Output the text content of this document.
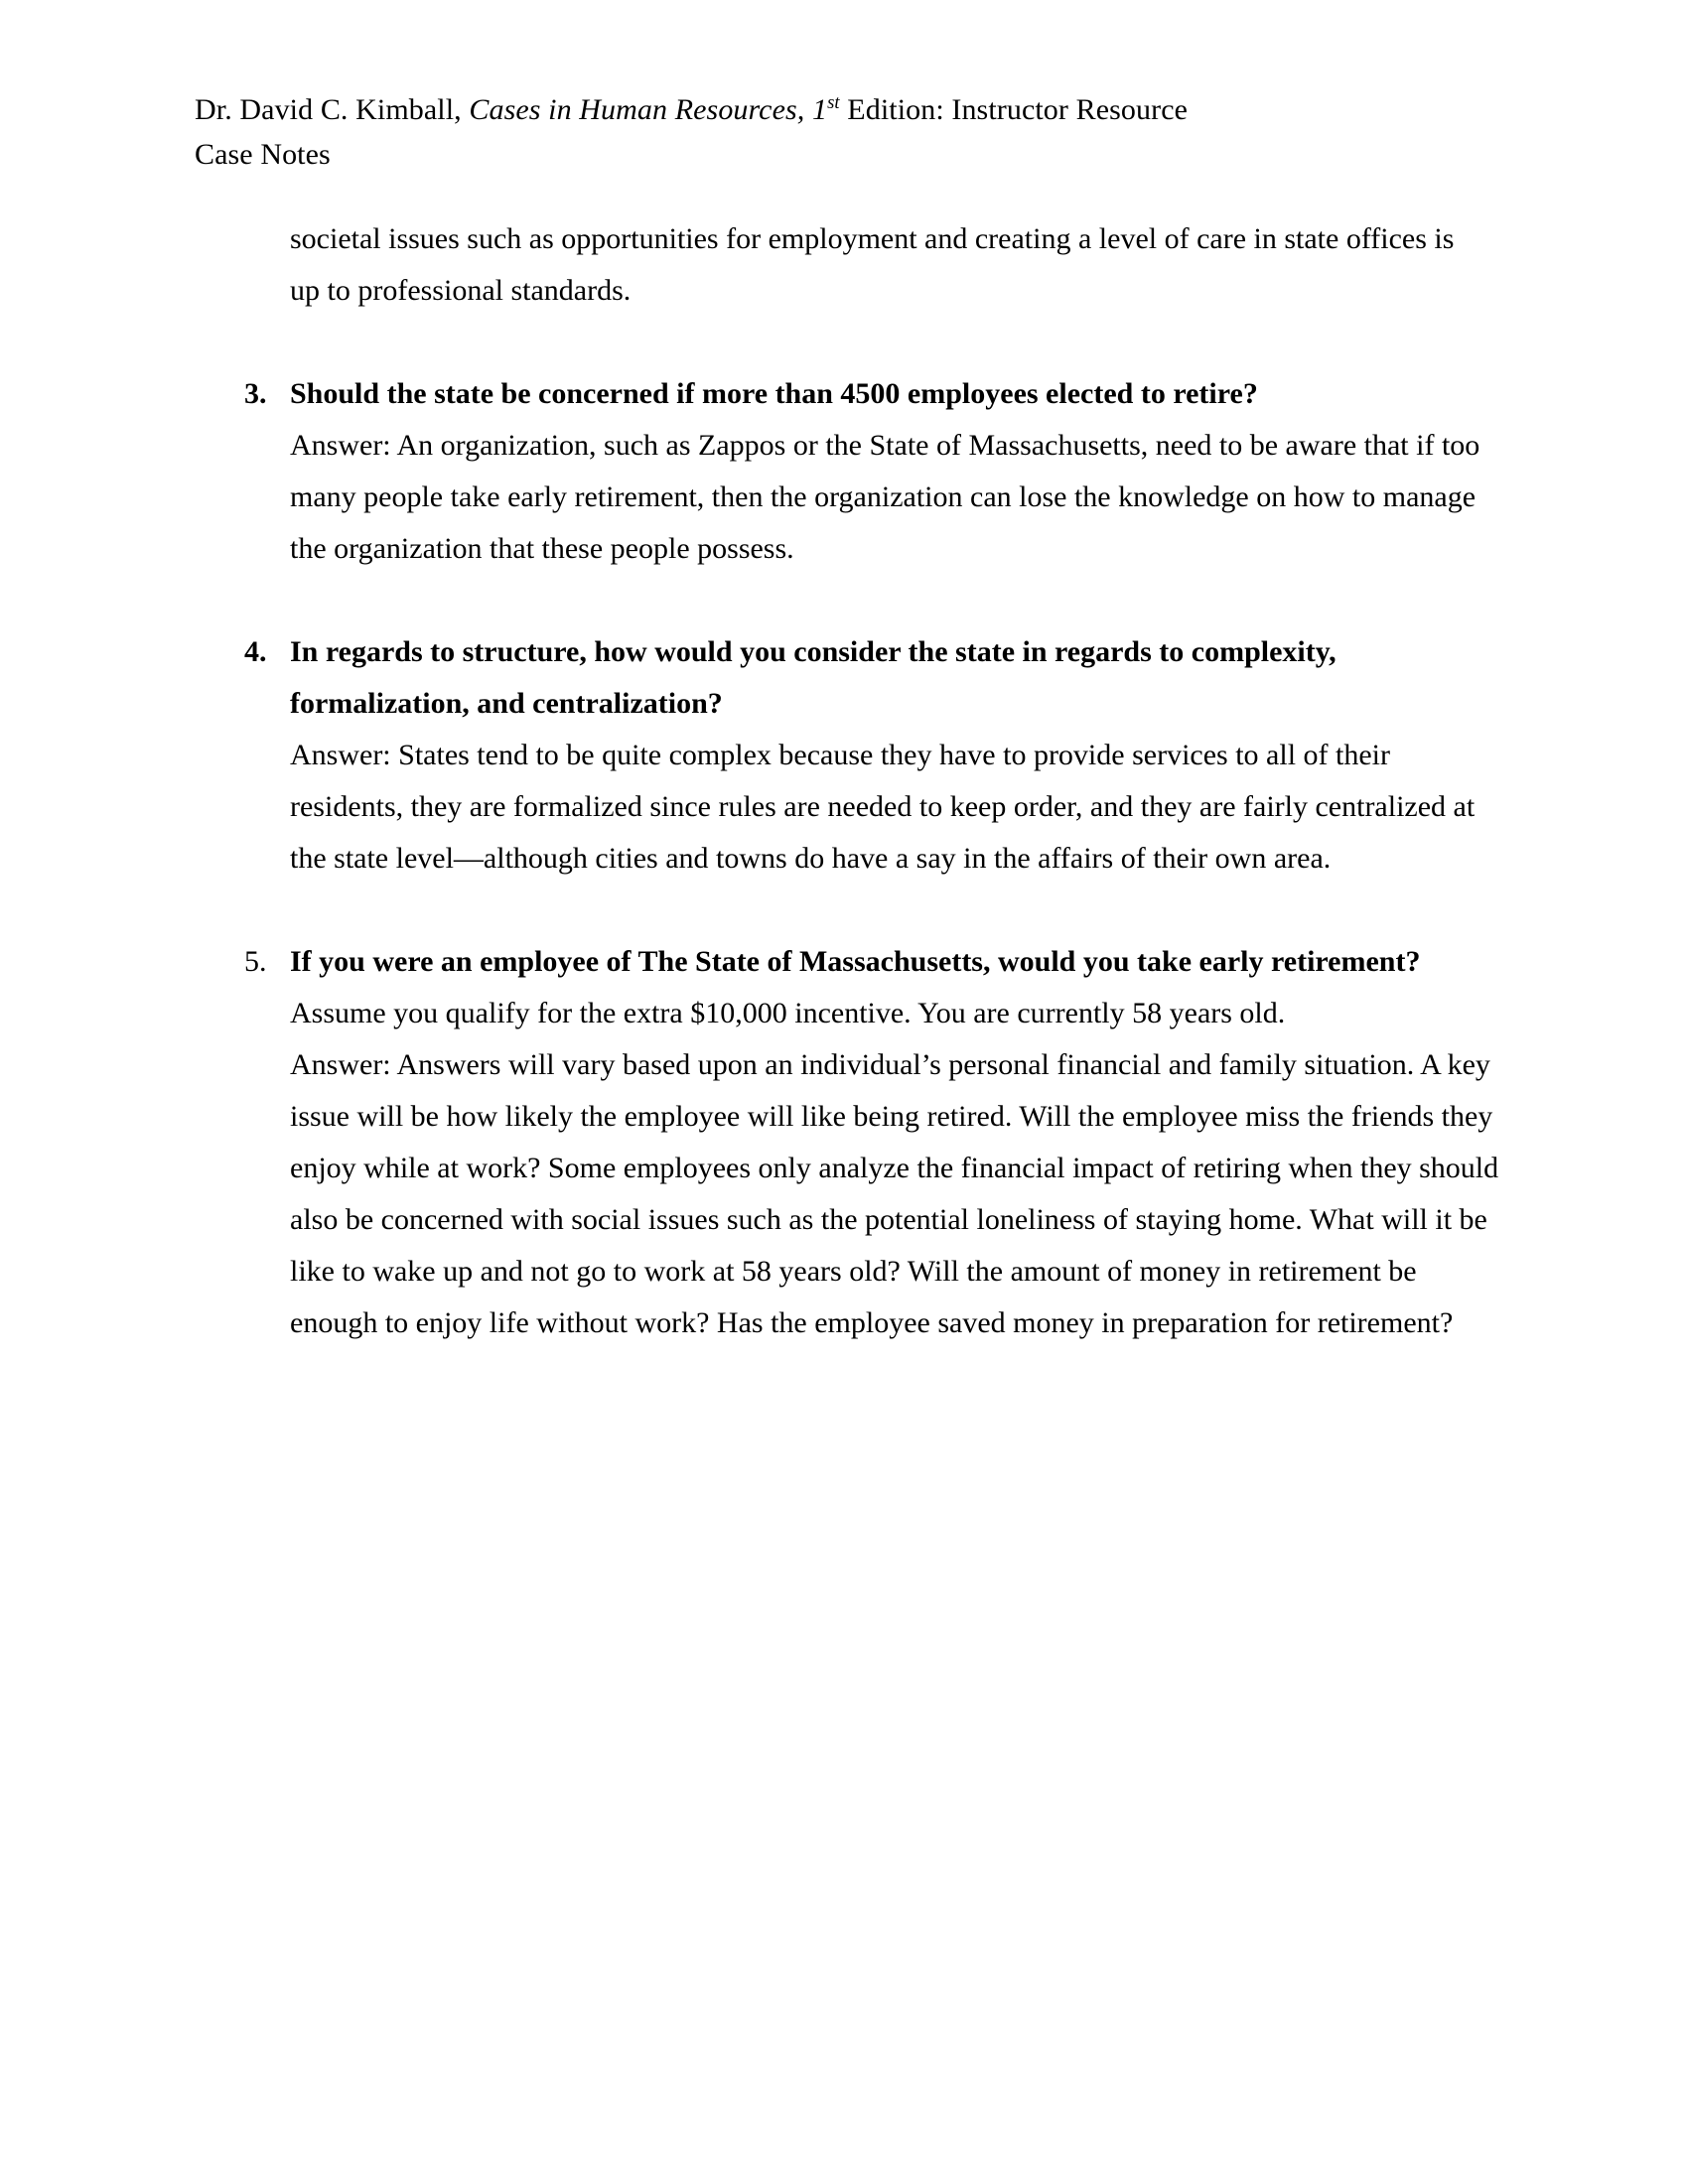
Dr. David C. Kimball, Cases in Human Resources, 1st Edition: Instructor Resource
Case Notes

societal issues such as opportunities for employment and creating a level of care in state offices is up to professional standards.

3. Should the state be concerned if more than 4500 employees elected to retire?
Answer: An organization, such as Zappos or the State of Massachusetts, need to be aware that if too many people take early retirement, then the organization can lose the knowledge on how to manage the organization that these people possess.
4. In regards to structure, how would you consider the state in regards to complexity, formalization, and centralization?
Answer: States tend to be quite complex because they have to provide services to all of their residents, they are formalized since rules are needed to keep order, and they are fairly centralized at the state level—although cities and towns do have a say in the affairs of their own area.
5. If you were an employee of The State of Massachusetts, would you take early retirement? Assume you qualify for the extra $10,000 incentive. You are currently 58 years old.
Answer: Answers will vary based upon an individual’s personal financial and family situation. A key issue will be how likely the employee will like being retired. Will the employee miss the friends they enjoy while at work? Some employees only analyze the financial impact of retiring when they should also be concerned with social issues such as the potential loneliness of staying home. What will it be like to wake up and not go to work at 58 years old? Will the amount of money in retirement be enough to enjoy life without work? Has the employee saved money in preparation for retirement?
